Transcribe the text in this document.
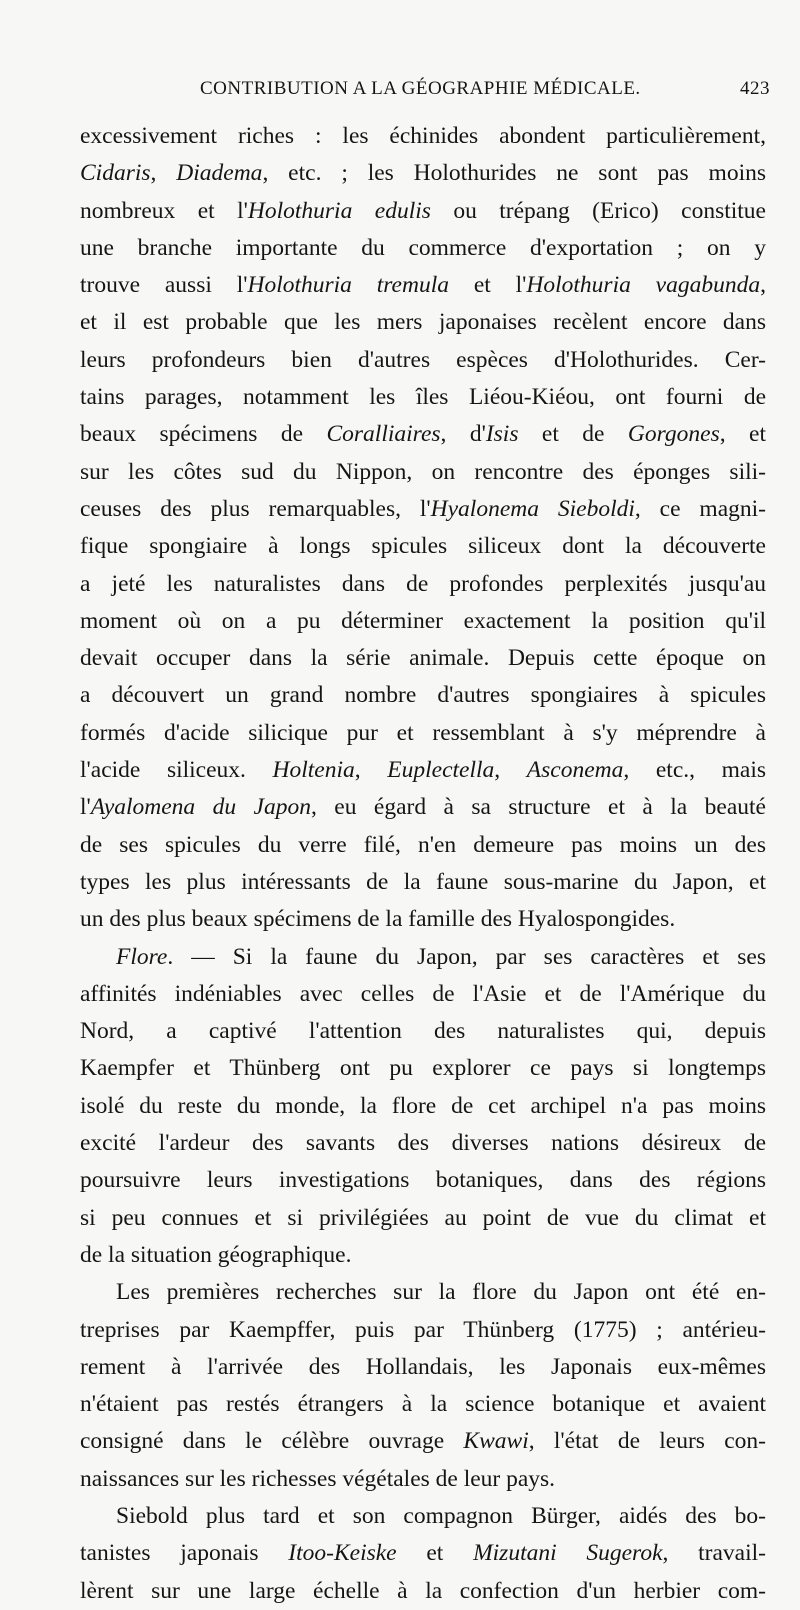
CONTRIBUTION A LA GÉOGRAPHIE MÉDICALE.	423
excessivement riches : les échinides abondent particulièrement,
Cidaris, Diadema, etc. ; les Holothurides ne sont pas moins
nombreux et l'Holothuria edulis ou trépang (Erico) constitue
une branche importante du commerce d'exportation ; on y
trouve aussi l'Holothuria tremula et l'Holothuria vagabunda,
et il est probable que les mers japonaises recèlent encore dans
leurs profondeurs bien d'autres espèces d'Holothurides. Cer-
tains parages, notamment les îles Liéou-Kiéou, ont fourni de
beaux spécimens de Coralliaires, d'Isis et de Gorgones, et
sur les côtes sud du Nippon, on rencontre des éponges sili-
ceuses des plus remarquables, l'Hyalonema Sieboldi, ce magni-
fique spongiaire à longs spicules siliceux dont la découverte
a jeté les naturalistes dans de profondes perplexités jusqu'au
moment où on a pu déterminer exactement la position qu'il
devait occuper dans la série animale. Depuis cette époque on
a découvert un grand nombre d'autres spongiaires à spicules
formés d'acide silicique pur et ressemblant à s'y méprendre à
l'acide siliceux. Holtenia, Euplectella, Asconema, etc., mais
l'Ayalomena du Japon, eu égard à sa structure et à la beauté
de ses spicules du verre filé, n'en demeure pas moins un des
types les plus intéressants de la faune sous-marine du Japon, et
un des plus beaux spécimens de la famille des Hyalospongides.
Flore. — Si la faune du Japon, par ses caractères et ses
affinités indéniables avec celles de l'Asie et de l'Amérique du
Nord, a captivé l'attention des naturalistes qui, depuis
Kaempfer et Thünberg ont pu explorer ce pays si longtemps
isolé du reste du monde, la flore de cet archipel n'a pas moins
excité l'ardeur des savants des diverses nations désireux de
poursuivre leurs investigations botaniques, dans des régions
si peu connues et si privilégiées au point de vue du climat et
de la situation géographique.
Les premières recherches sur la flore du Japon ont été en-
treprises par Kaempffer, puis par Thünberg (1775) ; antérieu-
rement à l'arrivée des Hollandais, les Japonais eux-mêmes
n'étaient pas restés étrangers à la science botanique et avaient
consigné dans le célèbre ouvrage Kwawi, l'état de leurs con-
naissances sur les richesses végétales de leur pays.
Siebold plus tard et son compagnon Bürger, aidés des bo-
tanistes japonais Itoo-Keiske et Mizutani Sugerok, travail-
lèrent sur une large échelle à la confection d'un herbier com-
